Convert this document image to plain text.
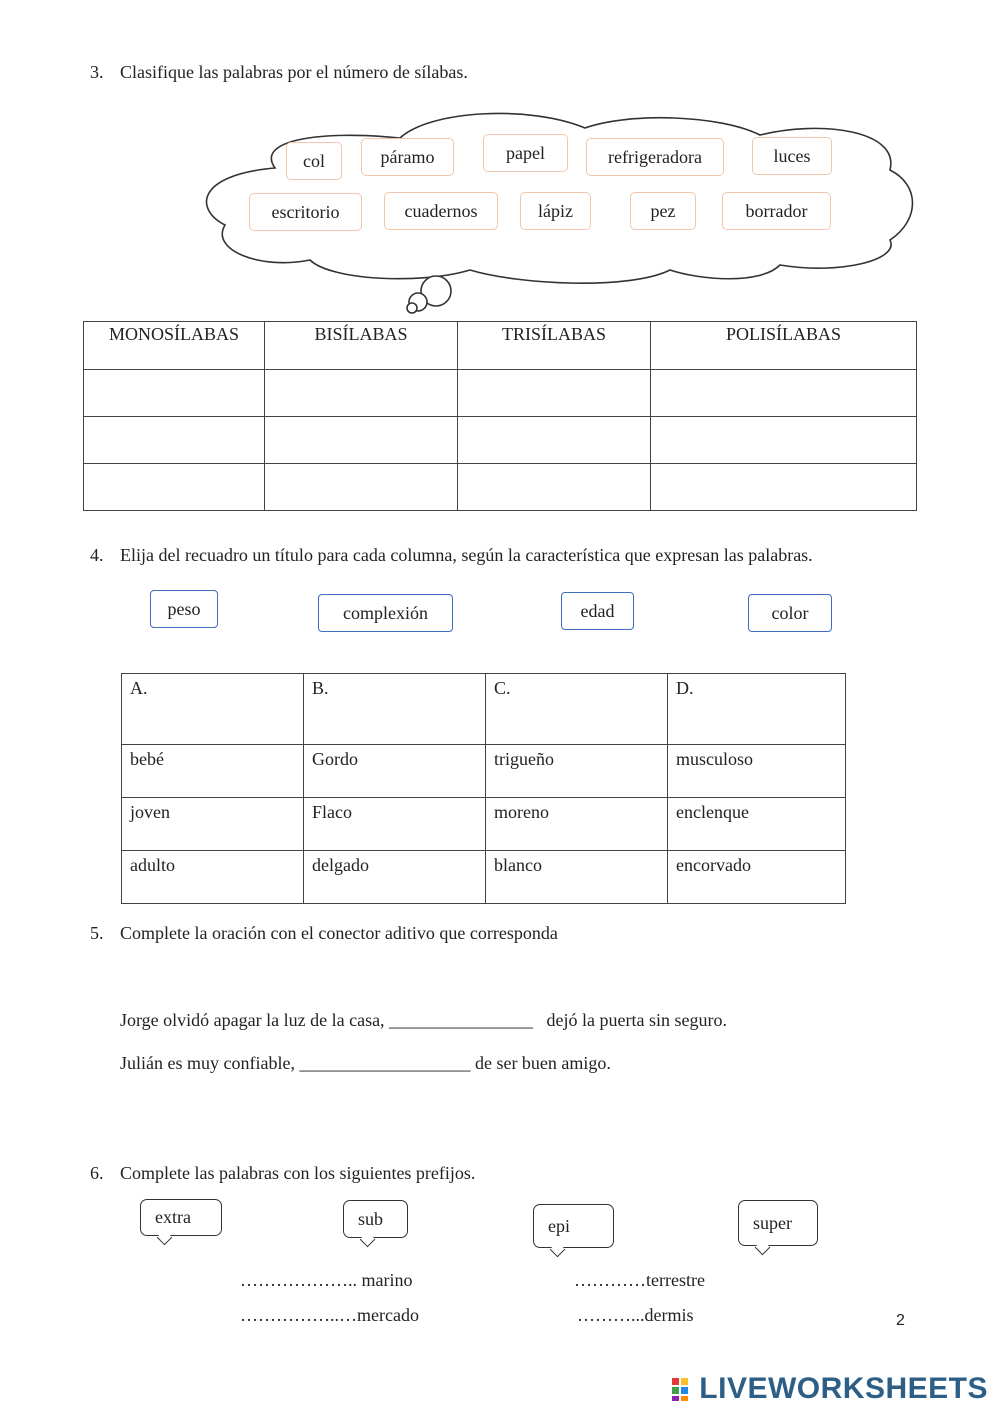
3. Clasifique las palabras por el número de sílabas.
col	páramo	papel	refrigeradora	luces
escritorio	cuadernos	lápiz	pez	borrador
MONOSÍLABAS	BISÍLABAS	TRISÍLABAS	POLISÍLABAS

4. Elija del recuadro un título para cada columna, según la característica que expresan las palabras.
peso	complexión	edad	color
A.	B.	C.	D.
bebé	Gordo	trigueño	musculoso
joven	Flaco	moreno	enclenque
adulto	delgado	blanco	encorvado
5. Complete la oración con el conector aditivo que corresponda
Jorge olvidó apagar la luz de la casa, ________________   dejó la puerta sin seguro.
Julián es muy confiable, ___________________ de ser buen amigo.
6. Complete las palabras con los siguientes prefijos.
extra	sub	epi	super
……………….. marino	…………terrestre
……………..…mercado	………...dermis	2
LIVEWORKSHEETS
